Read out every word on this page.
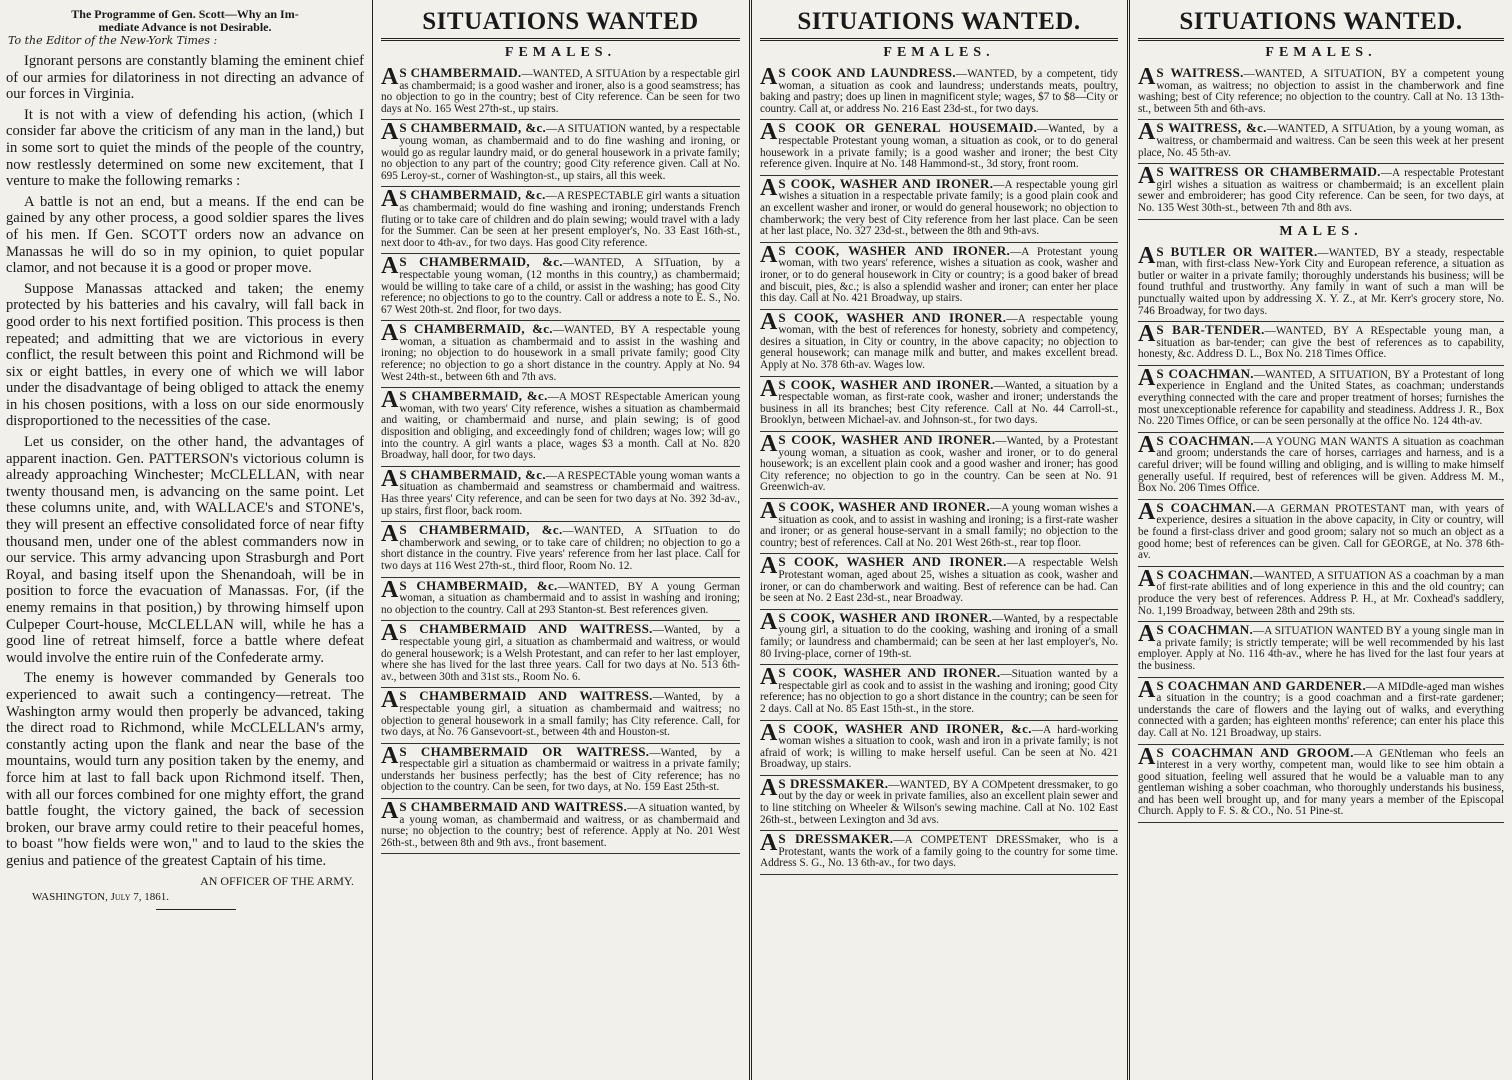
The Programme of Gen. Scott—Why an Im-
mediate Advance is not Desirable.
To the Editor of the New-York Times :

Ignorant persons are constantly blaming the eminent chief of our armies for dilatoriness in not directing an advance of our forces in Virginia.

It is not with a view of defending his action, (which I consider far above the criticism of any man in the land,) but in some sort to quiet the minds of the people of the country, now restlessly determined on some new excitement, that I venture to make the following remarks :

A battle is not an end, but a means. If the end can be gained by any other process, a good soldier spares the lives of his men. If Gen. SCOTT orders now an advance on Manassas he will do so in my opinion, to quiet popular clamor, and not because it is a good or proper move.

Suppose Manassas attacked and taken; the enemy protected by his batteries and his cavalry, will fall back in good order to his next fortified position. This process is then repeated; and admitting that we are victorious in every conflict, the result between this point and Richmond will be six or eight battles, in every one of which we will labor under the disadvantage of being obliged to attack the enemy in his chosen positions, with a loss on our side enormously disproportioned to the necessities of the case.

Let us consider, on the other hand, the advantages of apparent inaction. Gen. PATTERSON's victorious column is already approaching Winchester; McCLELLAN, with near twenty thousand men, is advancing on the same point. Let these columns unite, and, with WALLACE's and STONE's, they will present an effective consolidated force of near fifty thousand men, under one of the ablest commanders now in our service. This army advancing upon Strasburgh and Port Royal, and basing itself upon the Shenandoah, will be in position to force the evacuation of Manassas. For, (if the enemy remains in that position,) by throwing himself upon Culpeper Court-house, McCLELLAN will, while he has a good line of retreat himself, force a battle where defeat would involve the entire ruin of the Confederate army.

The enemy is however commanded by Generals too experienced to await such a contingency—retreat. The Washington army would then properly be advanced, taking the direct road to Richmond, while McCLELLAN's army, constantly acting upon the flank and near the base of the mountains, would turn any position taken by the enemy, and force him at last to fall back upon Richmond itself. Then, with all our forces combined for one mighty effort, the grand battle fought, the victory gained, the back of secession broken, our brave army could retire to their peaceful homes, to boast "how fields were won," and to laud to the skies the genius and patience of the greatest Captain of his time.

AN OFFICER OF THE ARMY.
WASHINGTON, July 7, 1861.
SITUATIONS WANTED
FEMALES.
A S CHAMBERMAID.—WANTED, A SITUAtion by a respectable girl as chambermaid; is a good washer and ironer, also is a good seamstress; has no objection to go in the country; best of City reference. Can be seen for two days at No. 165 West 27th-st., up stairs.
A S CHAMBERMAID, &c.—A SITUATION wanted, by a respectable young woman, as chambermaid and to do fine washing and ironing, or would go as regular laundry maid, or do general housework in a private family; no objection to any part of the country; good City reference given. Call at No. 695 Leroy-st., corner of Washington-st., up stairs, all this week.
A S CHAMBERMAID, &c.—A RESPECTABLE girl wants a situation as chambermaid; would do fine washing and ironing; understands French fluting or to take care of children and do plain sewing; would travel with a lady for the Summer. Can be seen at her present employer's, No. 33 East 16th-st., next door to 4th-av., for two days. Has good City reference.
A S CHAMBERMAID, &c.—WANTED, A SITuation, by a respectable young woman, (12 months in this country,) as chambermaid; would be willing to take care of a child, or assist in the washing; has good City reference; no objections to go to the country. Call or address a note to E. S., No. 67 West 20th-st. 2nd floor, for two days.
A S CHAMBERMAID, &c.—WANTED, BY A respectable young woman, a situation as chambermaid and to assist in the washing and ironing; no objection to do housework in a small private family; good City reference; no objection to go a short distance in the country. Apply at No. 94 West 24th-st., between 6th and 7th avs.
A S CHAMBERMAID, &c.—A MOST REspectable American young woman, with two years' City reference, wishes a situation as chambermaid and waiting, or chambermaid and nurse, and plain sewing; is of good disposition and obliging, and exceedingly fond of children; wages low; will go into the country. A girl wants a place, wages $3 a month. Call at No. 820 Broadway, hall door, for two days.
A S CHAMBERMAID, &c.—A RESPECTAble young woman wants a situation as chambermaid and seamstress or chambermaid and waitress. Has three years' City reference, and can be seen for two days at No. 392 3d-av., up stairs, first floor, back room.
A S CHAMBERMAID, &c.—WANTED, A SITuation to do chamberwork and sewing, or to take care of children; no objection to go a short distance in the country. Five years' reference from her last place. Call for two days at 116 West 27th-st., third floor, Room No. 12.
A S CHAMBERMAID, &c.—WANTED, BY A young German woman, a situation as chambermaid and to assist in washing and ironing; no objection to the country. Call at 293 Stanton-st. Best references given.
A S CHAMBERMAID AND WAITRESS.—Wanted, by a respectable young girl, a situation as chambermaid and waitress, or would do general housework; is a Welsh Protestant, and can refer to her last employer, where she has lived for the last three years. Call for two days at No. 513 6th-av., between 30th and 31st sts., Room No. 6.
A S CHAMBERMAID AND WAITRESS.—Wanted, by a respectable young girl, a situation as chambermaid and waitress; no objection to general housework in a small family; has City reference. Call, for two days, at No. 76 Gansevoort-st., between 4th and Houston-st.
A S CHAMBERMAID OR WAITRESS.—Wanted, by a respectable girl a situation as chambermaid or waitress in a private family; understands her business perfectly; has the best of City reference; has no objection to the country. Can be seen, for two days, at No. 159 East 25th-st.
A S CHAMBERMAID AND WAITRESS.—A situation wanted, by a young woman, as chambermaid and waitress, or as chambermaid and nurse; no objection to the country; best of reference. Apply at No. 201 West 26th-st., between 8th and 9th avs., front basement.
SITUATIONS WANTED.
FEMALES.
A S COOK AND LAUNDRESS.—WANTED, by a competent, tidy woman, a situation as cook and laundress; understands meats, poultry, baking and pastry; does up linen in magnificent style; wages, $7 to $8—City or country. Call at, or address No. 216 East 23d-st., for two days.
A S COOK OR GENERAL HOUSEMAID.—Wanted, by a respectable Protestant young woman, a situation as cook, or to do general housework in a private family; is a good washer and ironer; the best City reference given. Inquire at No. 148 Hammond-st., 3d story, front room.
A S COOK, WASHER AND IRONER.—A respectable young girl wishes a situation in a respectable private family; is a good plain cook and an excellent washer and ironer, or would do general housework; no objection to chamberwork; the very best of City reference from her last place. Can be seen at her last place, No. 327 23d-st., between the 8th and 9th-avs.
A S COOK, WASHER AND IRONER.—A Protestant young woman, with two years' reference, wishes a situation as cook, washer and ironer, or to do general housework in City or country; is a good baker of bread and biscuit, pies, &c.; is also a splendid washer and ironer; can enter her place this day. Call at No. 421 Broadway, up stairs.
A S COOK, WASHER AND IRONER.—A respectable young woman, with the best of references for honesty, sobriety and competency, desires a situation, in City or country, in the above capacity; no objection to general housework; can manage milk and butter, and makes excellent bread. Apply at No. 378 6th-av. Wages low.
A S COOK, WASHER AND IRONER.—Wanted, a situation by a respectable woman, as first-rate cook, washer and ironer; understands the business in all its branches; best City reference. Call at No. 44 Carroll-st., Brooklyn, between Michael-av. and Johnson-st., for two days.
A S COOK, WASHER AND IRONER.—Wanted, by a Protestant young woman, a situation as cook, washer and ironer, or to do general housework; is an excellent plain cook and a good washer and ironer; has good City reference; no objection to go in the country. Can be seen at No. 91 Greenwich-av.
A S COOK, WASHER AND IRONER.—A young woman wishes a situation as cook, and to assist in washing and ironing; is a first-rate washer and ironer; or as general house-servant in a small family; no objection to the country; best of references. Call at No. 201 West 26th-st., rear top floor.
A S COOK, WASHER AND IRONER.—A respectable Welsh Protestant woman, aged about 25, wishes a situation as cook, washer and ironer, or can do chamberwork and waiting. Best of reference can be had. Can be seen at No. 2 East 23d-st., near Broadway.
A S COOK, WASHER AND IRONER.—Wanted, by a respectable young girl, a situation to do the cooking, washing and ironing of a small family; or laundress and chambermaid; can be seen at her last employer's, No. 80 Irving-place, corner of 19th-st.
A S COOK, WASHER AND IRONER.—Situation wanted by a respectable girl as cook and to assist in the washing and ironing; good City reference; has no objection to go a short distance in the country; can be seen for 2 days. Call at No. 85 East 15th-st., in the store.
A S COOK, WASHER AND IRONER, &c.—A hard-working woman wishes a situation to cook, wash and iron in a private family; is not afraid of work; is willing to make herself useful. Can be seen at No. 421 Broadway, up stairs.
A S DRESSMAKER.—WANTED, BY A COMpetent dressmaker, to go out by the day or week in private families, also an excellent plain sewer and to line stitching on Wheeler & Wilson's sewing machine. Call at No. 102 East 26th-st., between Lexington and 3d avs.
A S DRESSMAKER.—A COMPETENT DRESSmaker, who is a Protestant, wants the work of a family going to the country for some time. Address S. G., No. 13 6th-av., for two days.
SITUATIONS WANTED.
FEMALES.
A S WAITRESS.—WANTED, A SITUATION, BY a competent young woman, as waitress; no objection to assist in the chamberwork and fine washing; best of City reference; no objection to the country. Call at No. 13 13th-st., between 5th and 6th-avs.
A S WAITRESS, &c.—WANTED, A SITUAtion, by a young woman, as waitress, or chambermaid and waitress. Can be seen this week at her present place, No. 45 5th-av.
A S WAITRESS OR CHAMBERMAID.—A respectable Protestant girl wishes a situation as waitress or chambermaid; is an excellent plain sewer and embroiderer; has good City reference. Can be seen, for two days, at No. 135 West 30th-st., between 7th and 8th avs.
MALES.
A S BUTLER OR WAITER.—WANTED, BY a steady, respectable man, with first-class New-York City and European reference, a situation as butler or waiter in a private family; thoroughly understands his business; will be found truthful and trustworthy. Any family in want of such a man will be punctually waited upon by addressing X. Y. Z., at Mr. Kerr's grocery store, No. 746 Broadway, for two days.
A S BAR-TENDER.—WANTED, BY A REspectable young man, a situation as bar-tender; can give the best of references as to capability, honesty, &c. Address D. L., Box No. 218 Times Office.
A S COACHMAN.—WANTED, A SITUATION, BY a Protestant of long experience in England and the United States, as coachman; understands everything connected with the care and proper treatment of horses; furnishes the most unexceptionable reference for capability and steadiness. Address J. R., Box No. 220 Times Office, or can be seen personally at the office No. 124 4th-av.
A S COACHMAN.—A YOUNG MAN WANTS A situation as coachman and groom; understands the care of horses, carriages and harness, and is a careful driver; will be found willing and obliging, and is willing to make himself generally useful. If required, best of references will be given. Address M. M., Box No. 206 Times Office.
A S COACHMAN.—A GERMAN PROTESTANT man, with years of experience, desires a situation in the above capacity, in City or country, will be found a first-class driver and good groom; salary not so much an object as a good home; best of references can be given. Call for GEORGE, at No. 378 6th-av.
A S COACHMAN.—WANTED, A SITUATION AS a coachman by a man of first-rate abilities and of long experience in this and the old country; can produce the very best of references. Address P. H., at Mr. Coxhead's saddlery, No. 1,199 Broadway, between 28th and 29th sts.
A S COACHMAN.—A SITUATION WANTED BY a young single man in a private family; is strictly temperate; will be well recommended by his last employer. Apply at No. 116 4th-av., where he has lived for the last four years at the business.
A S COACHMAN AND GARDENER.—A MIDdle-aged man wishes a situation in the country; is a good coachman and a first-rate gardener; understands the care of flowers and the laying out of walks, and everything connected with a garden; has eighteen months' reference; can enter his place this day. Call at No. 121 Broadway, up stairs.
A S COACHMAN AND GROOM.—A GENtleman who feels an interest in a very worthy, competent man, would like to see him obtain a good situation, feeling well assured that he would be a valuable man to any gentleman wishing a sober coachman, who thoroughly understands his business, and has been well brought up, and for many years a member of the Episcopal Church. Apply to F. S. & CO., No. 51 Pine-st.
